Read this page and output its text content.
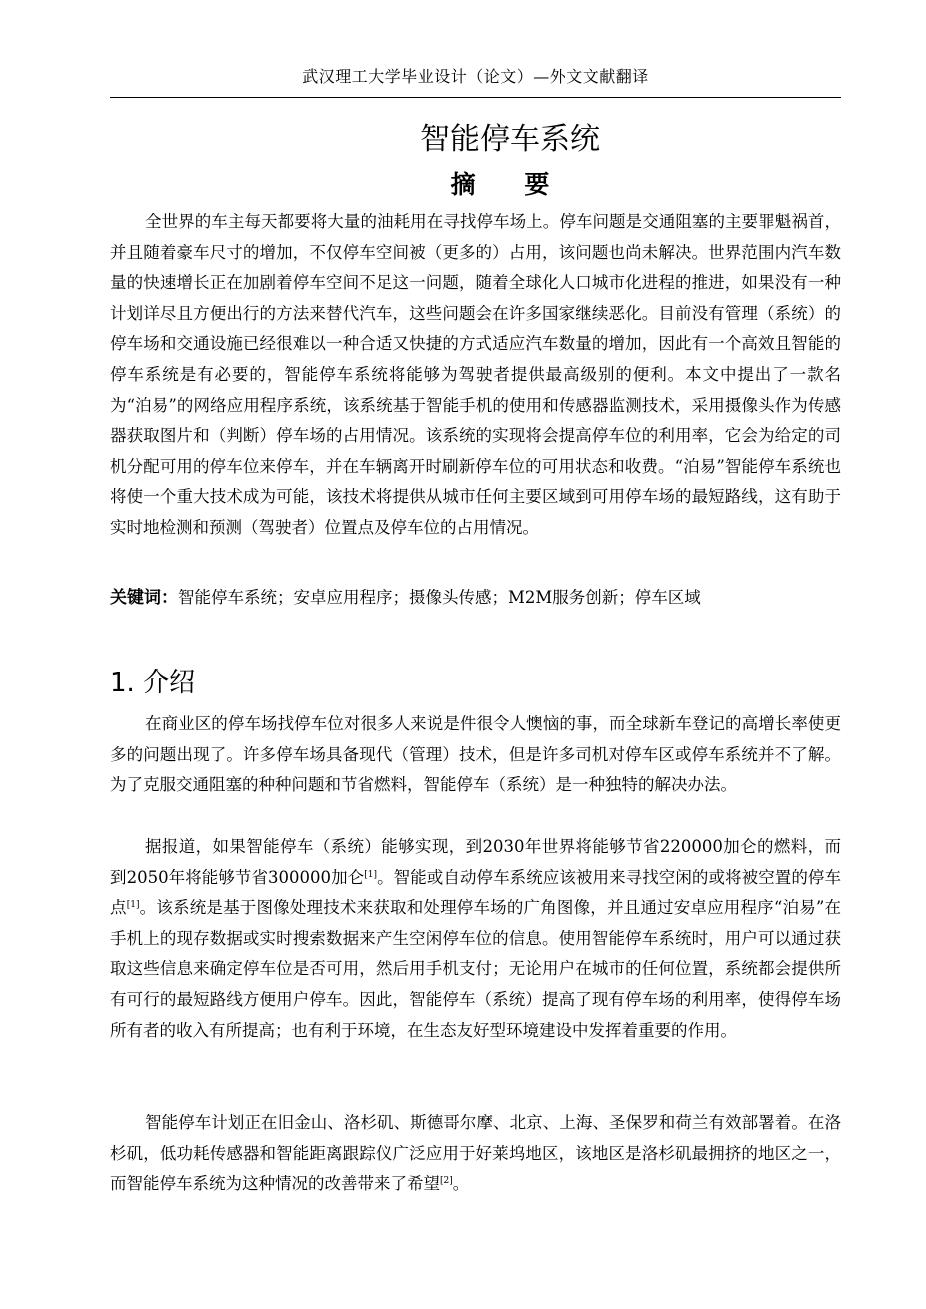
武汉理工大学毕业设计（论文）—外文文献翻译
智能停车系统
摘 要

全世界的车主每天都要将大量的油耗用在寻找停车场上。停车问题是交通阻塞的主要罪魁祸首，并且随着豪车尺寸的增加，不仅停车空间被（更多的）占用，该问题也尚未解决。世界范围内汽车数量的快速增长正在加剧着停车空间不足这一问题，随着全球化人口城市化进程的推进，如果没有一种计划详尽且方便出行的方法来替代汽车，这些问题会在许多国家继续恶化。目前没有管理（系统）的停车场和交通设施已经很难以一种合适又快捷的方式适应汽车数量的增加，因此有一个高效且智能的停车系统是有必要的，智能停车系统将能够为驾驶者提供最高级别的便利。本文中提出了一款名为“泊易”的网络应用程序系统，该系统基于智能手机的使用和传感器监测技术，采用摄像头作为传感器获取图片和（判断）停车场的占用情况。该系统的实现将会提高停车位的利用率，它会为给定的司机分配可用的停车位来停车，并在车辆离开时刷新停车位的可用状态和收费。“泊易”智能停车系统也将使一个重大技术成为可能，该技术将提供从城市任何主要区域到可用停车场的最短路线，这有助于实时地检测和预测（驾驶者）位置点及停车位的占用情况。

关键词：智能停车系统；安卓应用程序；摄像头传感；M2M服务创新；停车区域

1. 介绍

在商业区的停车场找停车位对很多人来说是件很令人懊恼的事，而全球新车登记的高增长率使更多的问题出现了。许多停车场具备现代（管理）技术，但是许多司机对停车区或停车系统并不了解。为了克服交通阻塞的种种问题和节省燃料，智能停车（系统）是一种独特的解决办法。

据报道，如果智能停车（系统）能够实现，到2030年世界将能够节省220000加仑的燃料，而到2050年将能够节省300000加仑[1]。智能或自动停车系统应该被用来寻找空闲的或将被空置的停车点[1]。该系统是基于图像处理技术来获取和处理停车场的广角图像，并且通过安卓应用程序“泊易”在手机上的现存数据或实时搜索数据来产生空闲停车位的信息。使用智能停车系统时，用户可以通过获取这些信息来确定停车位是否可用，然后用手机支付；无论用户在城市的任何位置，系统都会提供所有可行的最短路线方便用户停车。因此，智能停车（系统）提高了现有停车场的利用率，使得停车场所有者的收入有所提高；也有利于环境，在生态友好型环境建设中发挥着重要的作用。

智能停车计划正在旧金山、洛杉矶、斯德哥尔摩、北京、上海、圣保罗和荷兰有效部署着。在洛杉矶，低功耗传感器和智能距离跟踪仪广泛应用于好莱坞地区，该地区是洛杉矶最拥挤的地区之一，而智能停车系统为这种情况的改善带来了希望[2]。
